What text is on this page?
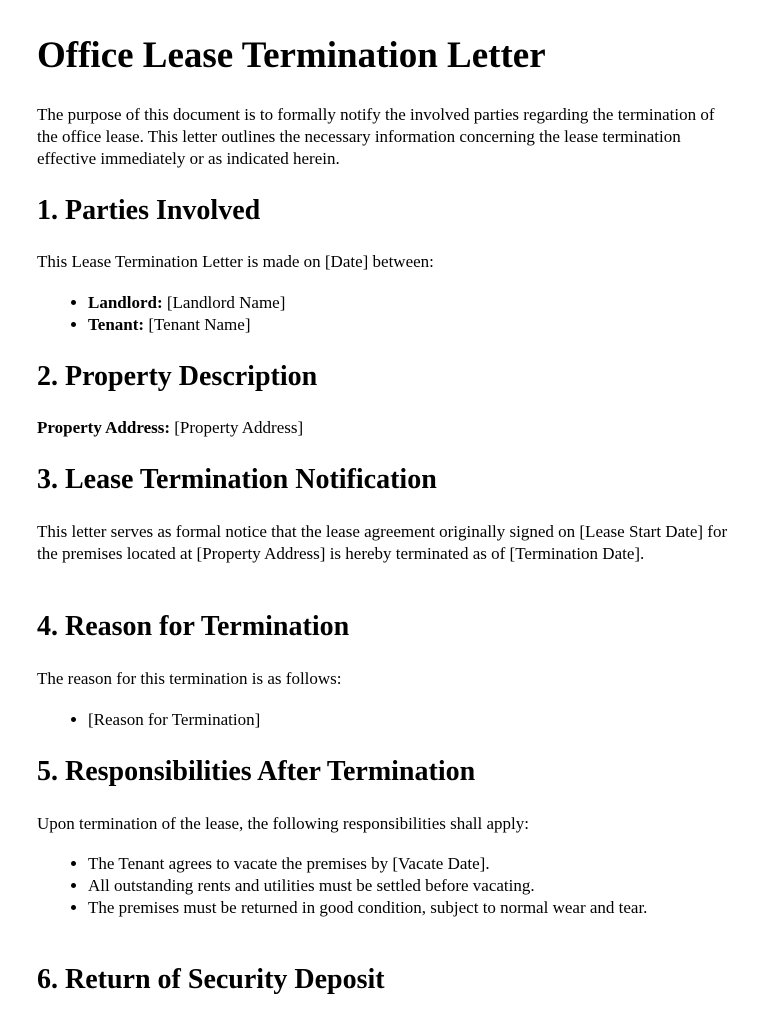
Office Lease Termination Letter

The purpose of this document is to formally notify the involved parties regarding the termination of the office lease. This letter outlines the necessary information concerning the lease termination effective immediately or as indicated herein.

1. Parties Involved

This Lease Termination Letter is made on [Date] between:

• Landlord: [Landlord Name]
• Tenant: [Tenant Name]
2. Property Description

Property Address: [Property Address]

3. Lease Termination Notification

This letter serves as formal notice that the lease agreement originally signed on [Lease Start Date] for the premises located at [Property Address] is hereby terminated as of [Termination Date].

4. Reason for Termination

The reason for this termination is as follows:

• [Reason for Termination]
5. Responsibilities After Termination

Upon termination of the lease, the following responsibilities shall apply:

• The Tenant agrees to vacate the premises by [Vacate Date].
• All outstanding rents and utilities must be settled before vacating.
• The premises must be returned in good condition, subject to normal wear and tear.
6. Return of Security Deposit
